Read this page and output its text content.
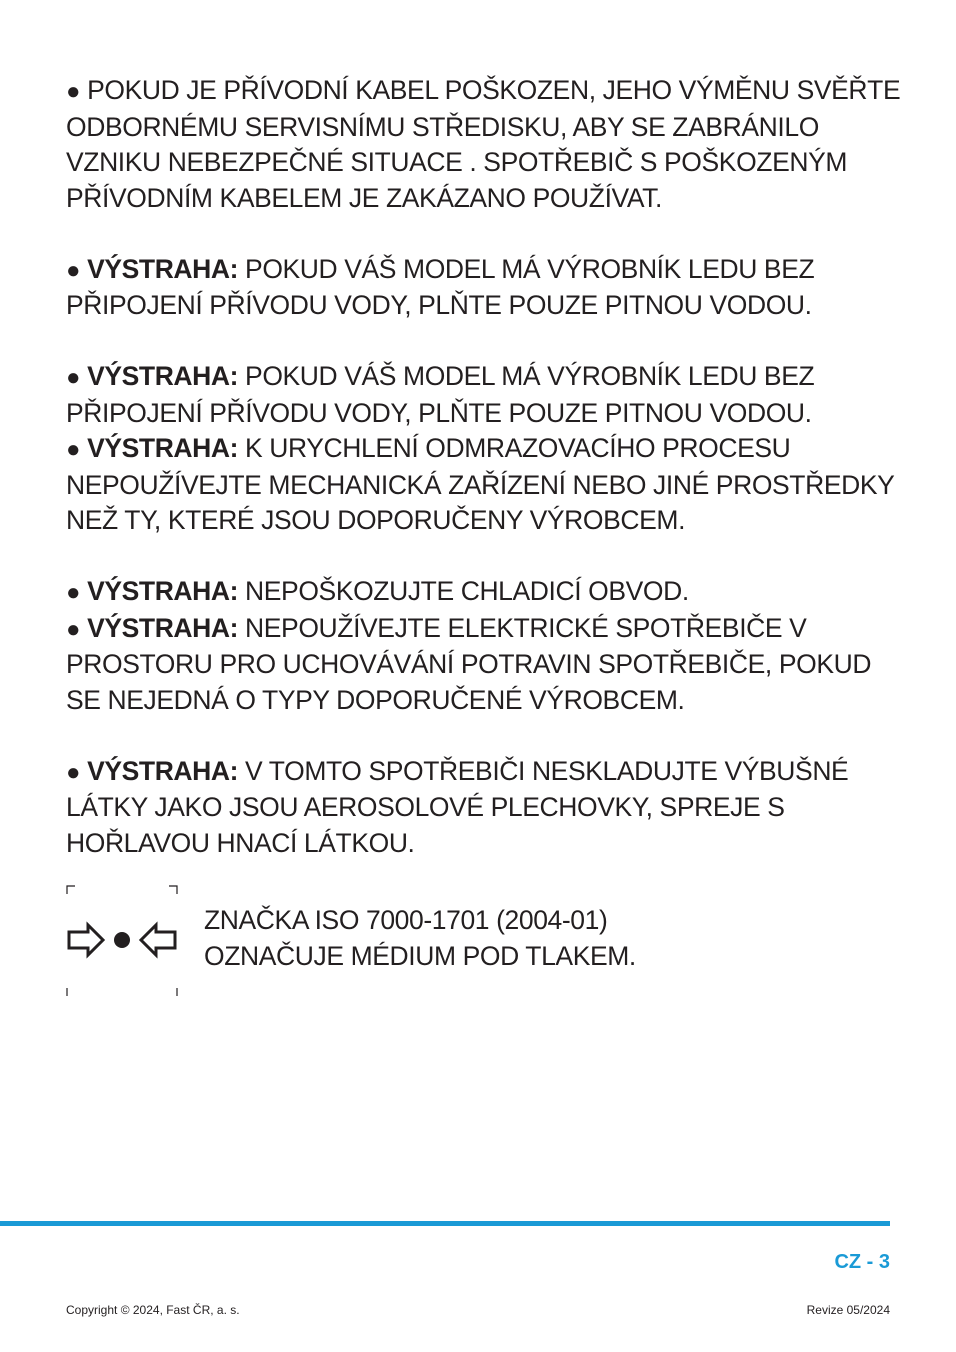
● POKUD JE PŘÍVODNÍ KABEL POŠKOZEN, JEHO VÝMĚNU SVĚŘTE ODBORNÉMU SERVISNÍMU STŘEDISKU, ABY SE ZABRÁNILO VZNIKU NEBEZPEČNÉ SITUACE . SPOTŘEBIČ S POŠKOZENÝM PŘÍVODNÍM KABELEM JE ZAKÁZANO POUŽÍVAT.

● VÝSTRAHA: POKUD VÁŠ MODEL MÁ VÝROBNÍK LEDU BEZ PŘIPOJENÍ PŘÍVODU VODY, PLŇTE POUZE PITNOU VODOU.

● VÝSTRAHA: POKUD VÁŠ MODEL MÁ VÝROBNÍK LEDU BEZ PŘIPOJENÍ PŘÍVODU VODY, PLŇTE POUZE PITNOU VODOU.

● VÝSTRAHA: K URYCHLENÍ ODMRAZOVACÍHO PROCESU NEPOUŽÍVEJTE MECHANICKÁ ZAŘÍZENÍ NEBO JINÉ PROSTŘEDKY NEŽ TY, KTERÉ JSOU DOPORUČENY VÝROBCEM.

● VÝSTRAHA: NEPOŠKOZUJTE CHLADICÍ OBVOD.

● VÝSTRAHA: NEPOUŽÍVEJTE ELEKTRICKÉ SPOTŘEBIČE V PROSTORU PRO UCHOVÁVÁNÍ POTRAVIN SPOTŘEBIČE, POKUD SE NEJEDNÁ O TYPY DOPORUČENÉ VÝROBCEM.

● VÝSTRAHA: V TOMTO SPOTŘEBIČI NESKLADUJTE VÝBUŠNÉ LÁTKY JAKO JSOU AEROSOLOVÉ PLECHOVKY, SPREJE S HOŘLAVOU HNACÍ LÁTKOU.

ZNAČKA ISO 7000-1701 (2004-01)
OZNAČUJE MÉDIUM POD TLAKEM.
CZ - 3
Copyright © 2024, Fast ČR, a. s.	Revize 05/2024
